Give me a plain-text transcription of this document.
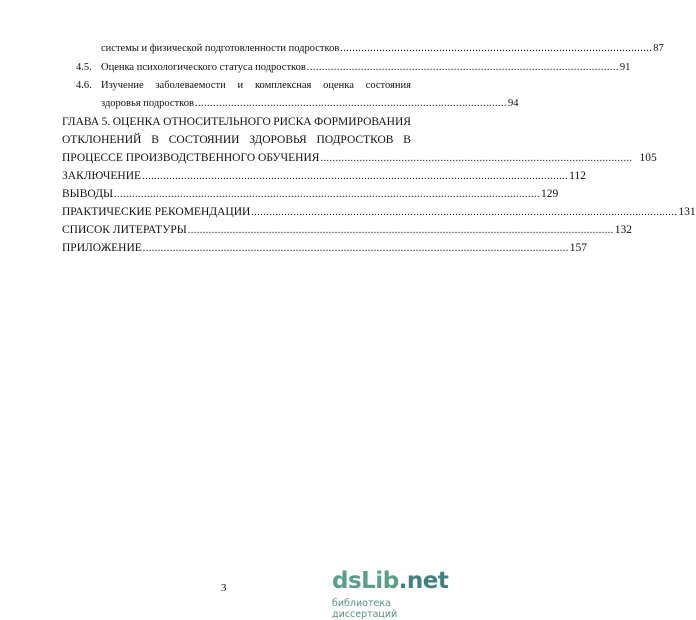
системы и физической подготовленности подростков ........................................................................................................ 87
4.5. Оценка психологического статуса подростков ........................................................................................................ 91
4.6. Изучение заболеваемости и комплексная оценка состояния
здоровья подростков ........................................................................................................ 94
ГЛАВА 5. ОЦЕНКА ОТНОСИТЕЛЬНОГО РИСКА ФОРМИРОВАНИЯ
ОТКЛОНЕНИЙ В СОСТОЯНИИ ЗДОРОВЬЯ ПОДРОСТКОВ В
ПРОЦЕССЕ ПРОИЗВОДСТВЕННОГО ОБУЧЕНИЯ ........................................................................................................ 105
ЗАКЛЮЧЕНИЕ .............................................................................................................................................. 112
ВЫВОДЫ .............................................................................................................................................. 129
ПРАКТИЧЕСКИЕ РЕКОМЕНДАЦИИ .............................................................................................................................................. 131
СПИСОК ЛИТЕРАТУРЫ .............................................................................................................................................. 132
ПРИЛОЖЕНИЕ .............................................................................................................................................. 157
3	dsLib.net
библиотека диссертаций
